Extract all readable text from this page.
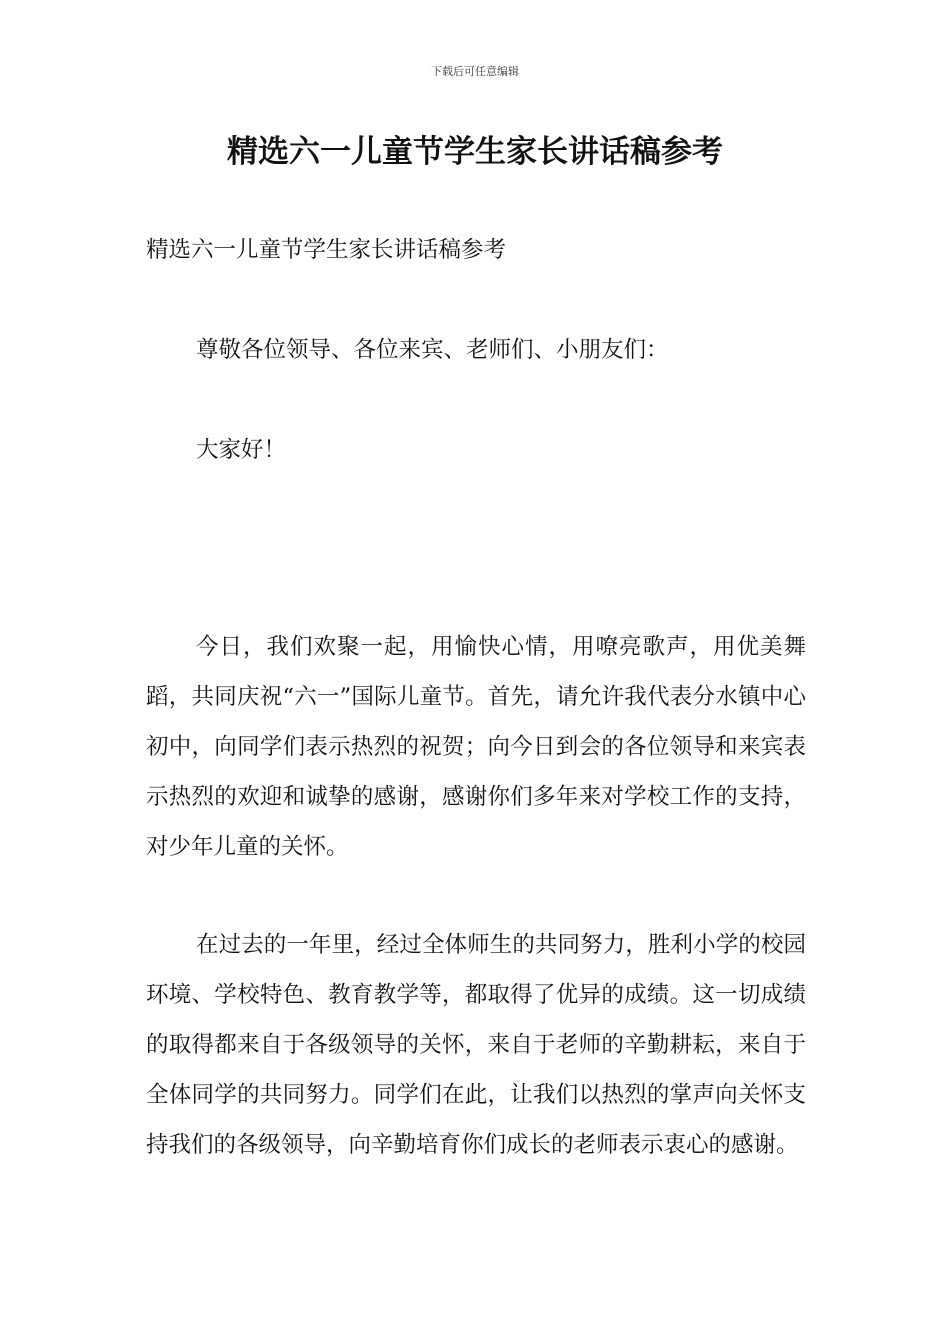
下载后可任意编辑
精选六一儿童节学生家长讲话稿参考

精选六一儿童节学生家长讲话稿参考

尊敬各位领导、各位来宾、老师们、小朋友们：

大家好！

今日，我们欢聚一起，用愉快心情，用嘹亮歌声，用优美舞蹈，共同庆祝“六一”国际儿童节。首先，请允许我代表分水镇中心初中，向同学们表示热烈的祝贺；向今日到会的各位领导和来宾表示热烈的欢迎和诚挚的感谢，感谢你们多年来对学校工作的支持，对少年儿童的关怀。

在过去的一年里，经过全体师生的共同努力，胜利小学的校园环境、学校特色、教育教学等，都取得了优异的成绩。这一切成绩的取得都来自于各级领导的关怀，来自于老师的辛勤耕耘，来自于全体同学的共同努力。同学们在此，让我们以热烈的掌声向关怀支持我们的各级领导，向辛勤培育你们成长的老师表示衷心的感谢。
